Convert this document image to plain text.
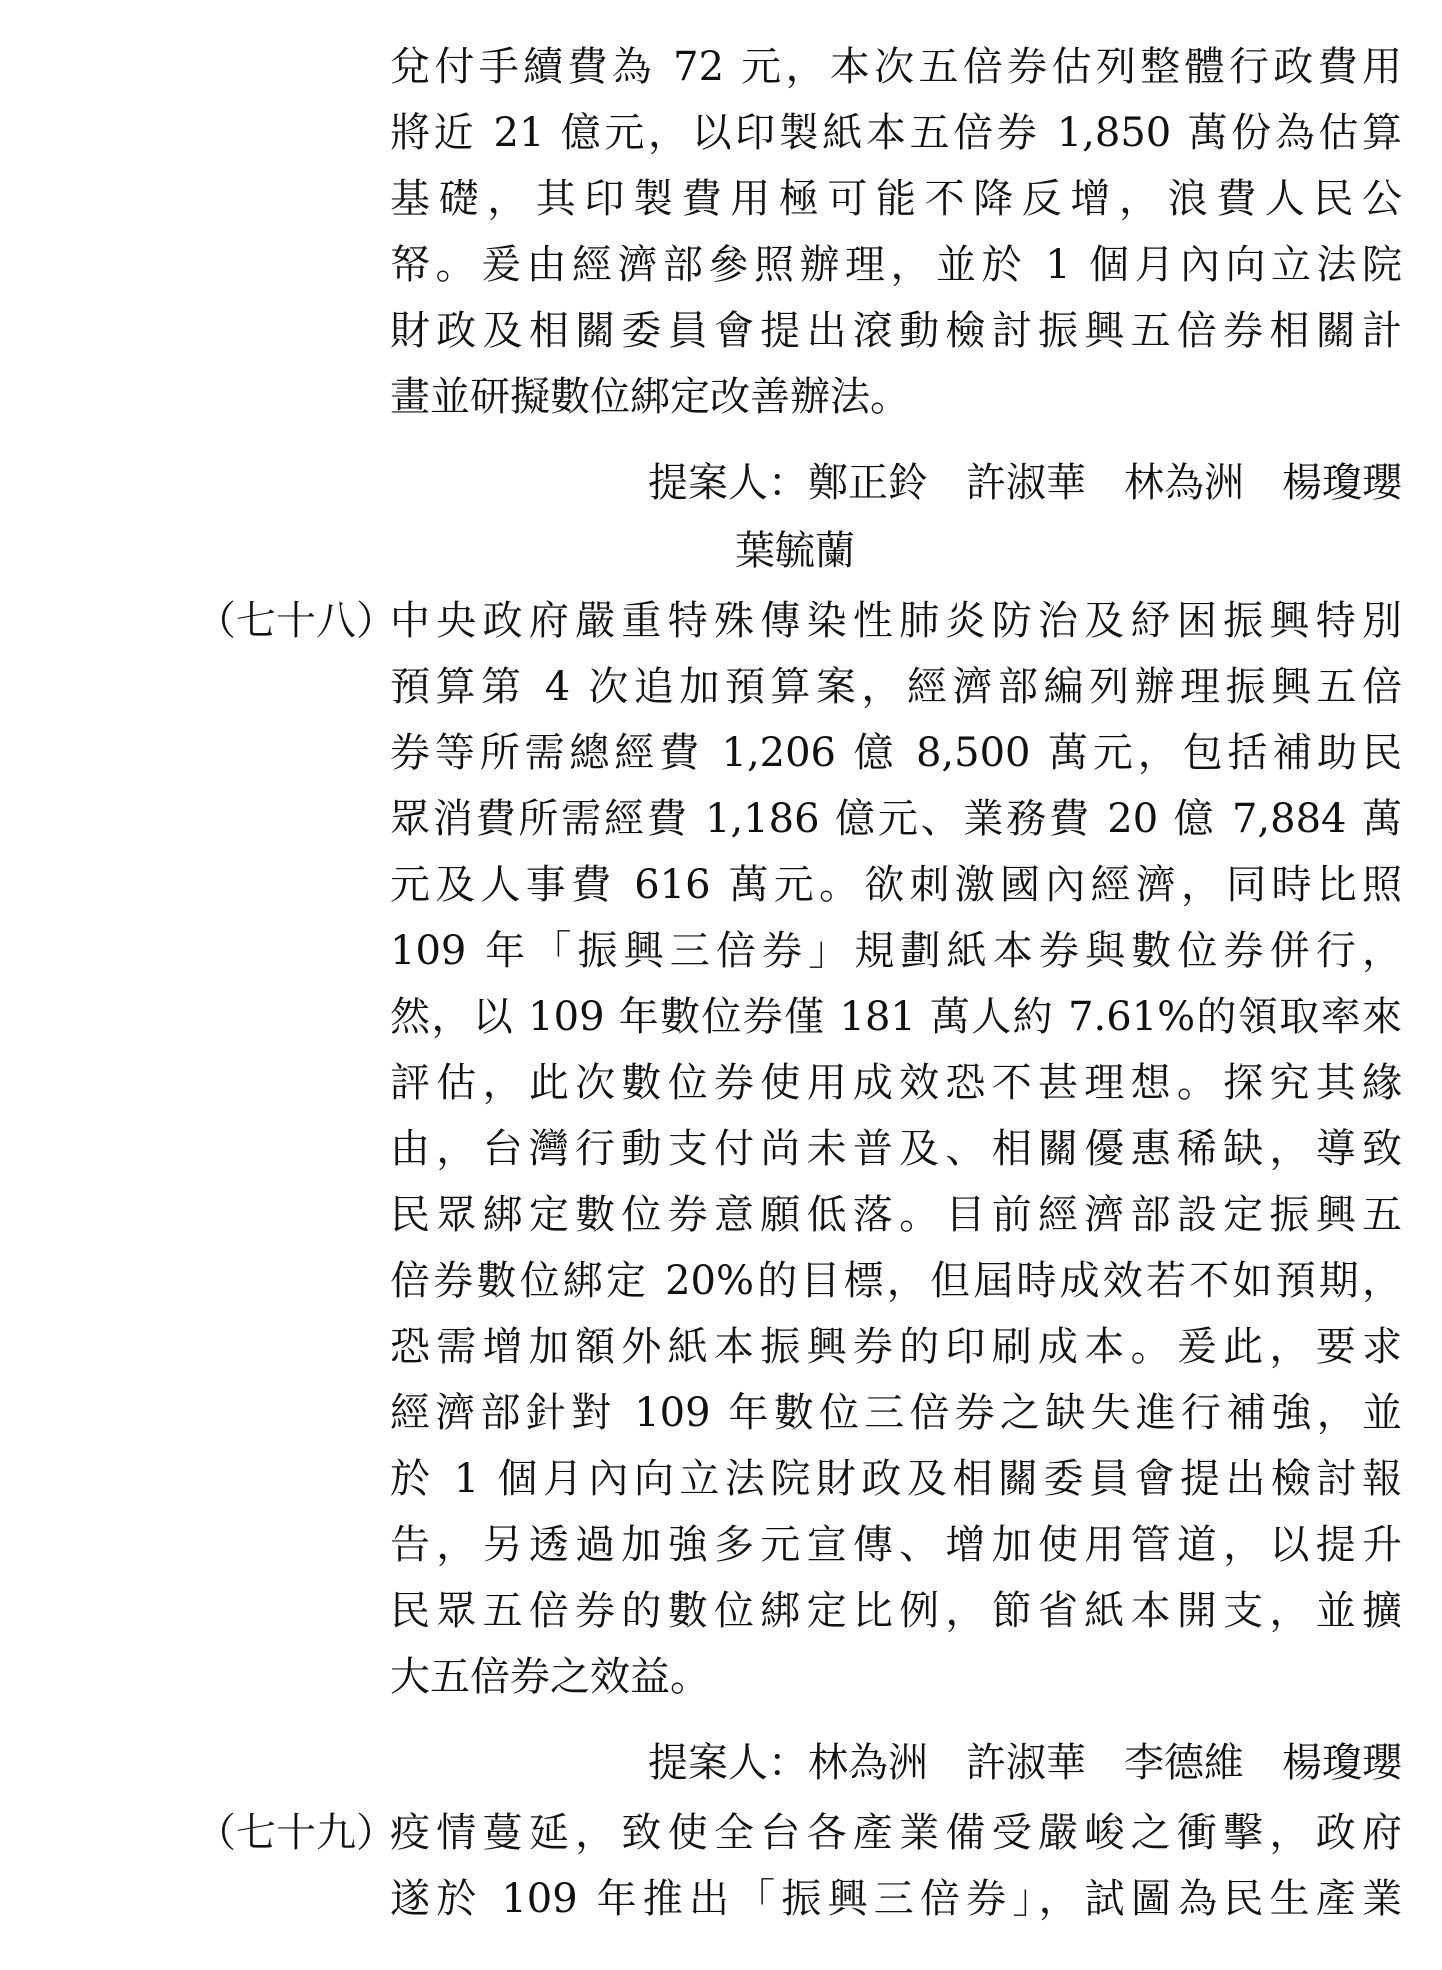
兌付手續費為 72 元，本次五倍券估列整體行政費用
將近 21 億元，以印製紙本五倍券 1,850 萬份為估算
基礎，其印製費用極可能不降反增，浪費人民公
帑。爰由經濟部參照辦理，並於 1 個月內向立法院
財政及相關委員會提出滾動檢討振興五倍券相關計
畫並研擬數位綁定改善辦法。
提案人：鄭正鈴 許淑華 林為洲 楊瓊瓔
葉毓蘭
（七十八）
中央政府嚴重特殊傳染性肺炎防治及紓困振興特別
預算第 4 次追加預算案，經濟部編列辦理振興五倍
券等所需總經費 1,206 億 8,500 萬元，包括補助民
眾消費所需經費 1,186 億元、業務費 20 億 7,884 萬
元及人事費 616 萬元。欲刺激國內經濟，同時比照
109 年「振興三倍券」規劃紙本券與數位券併行，
然，以 109 年數位券僅 181 萬人約 7.61%的領取率來
評估，此次數位券使用成效恐不甚理想。探究其緣
由，台灣行動支付尚未普及、相關優惠稀缺，導致
民眾綁定數位券意願低落。目前經濟部設定振興五
倍券數位綁定 20%的目標，但屆時成效若不如預期，
恐需增加額外紙本振興券的印刷成本。爰此，要求
經濟部針對 109 年數位三倍券之缺失進行補強，並
於 1 個月內向立法院財政及相關委員會提出檢討報
告，另透過加強多元宣傳、增加使用管道，以提升
民眾五倍券的數位綁定比例，節省紙本開支，並擴
大五倍券之效益。
提案人：林為洲 許淑華 李德維 楊瓊瓔
（七十九）
疫情蔓延，致使全台各產業備受嚴峻之衝擊，政府
遂於 109 年推出「振興三倍券」，試圖為民生產業
